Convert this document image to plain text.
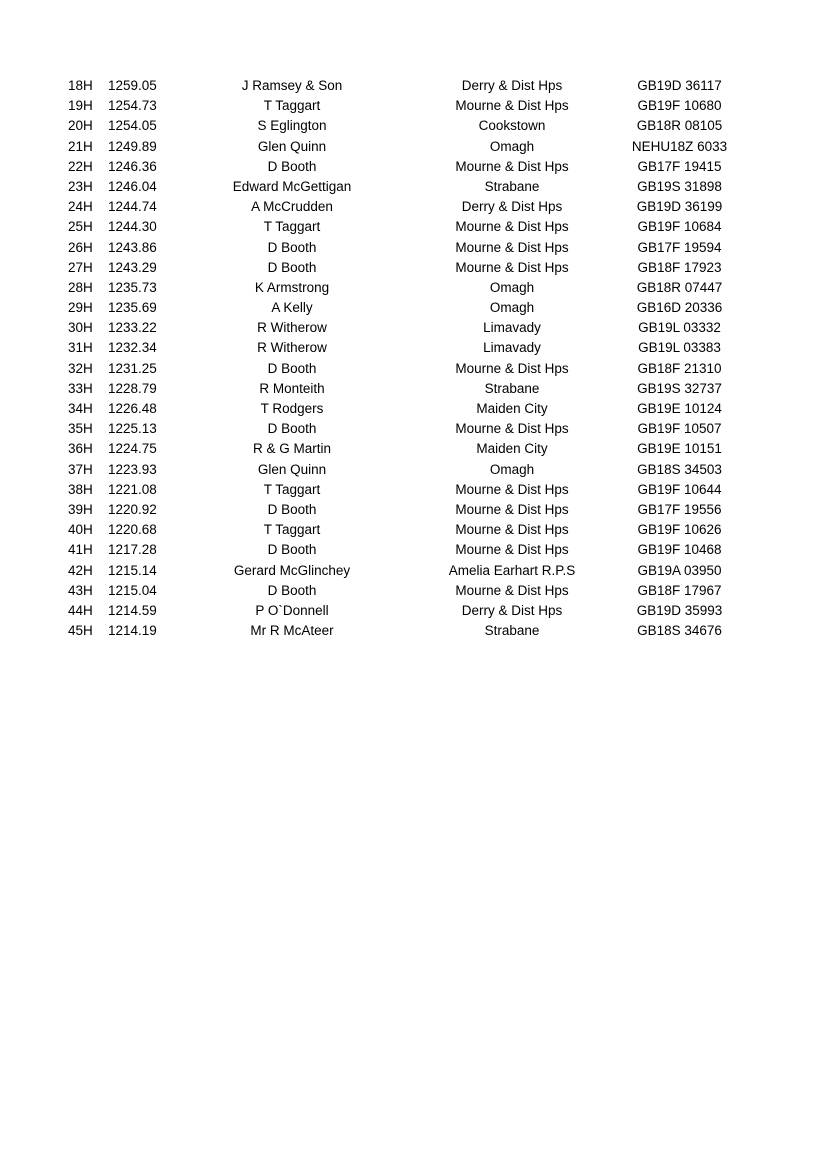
18H 1259.05	J Ramsey & Son	Derry & Dist Hps	GB19D 36117
19H 1254.73	T Taggart	Mourne & Dist Hps	GB19F 10680
20H 1254.05	S Eglington	Cookstown	GB18R 08105
21H 1249.89	Glen Quinn	Omagh	NEHU18Z 6033
22H 1246.36	D Booth	Mourne & Dist Hps	GB17F 19415
23H 1246.04	Edward McGettigan	Strabane	GB19S 31898
24H 1244.74	A McCrudden	Derry & Dist Hps	GB19D 36199
25H 1244.30	T Taggart	Mourne & Dist Hps	GB19F 10684
26H 1243.86	D Booth	Mourne & Dist Hps	GB17F 19594
27H 1243.29	D Booth	Mourne & Dist Hps	GB18F 17923
28H 1235.73	K Armstrong	Omagh	GB18R 07447
29H 1235.69	A Kelly	Omagh	GB16D 20336
30H 1233.22	R Witherow	Limavady	GB19L 03332
31H 1232.34	R Witherow	Limavady	GB19L 03383
32H 1231.25	D Booth	Mourne & Dist Hps	GB18F 21310
33H 1228.79	R Monteith	Strabane	GB19S 32737
34H 1226.48	T Rodgers	Maiden City	GB19E 10124
35H 1225.13	D Booth	Mourne & Dist Hps	GB19F 10507
36H 1224.75	R & G Martin	Maiden City	GB19E 10151
37H 1223.93	Glen Quinn	Omagh	GB18S 34503
38H 1221.08	T Taggart	Mourne & Dist Hps	GB19F 10644
39H 1220.92	D Booth	Mourne & Dist Hps	GB17F 19556
40H 1220.68	T Taggart	Mourne & Dist Hps	GB19F 10626
41H 1217.28	D Booth	Mourne & Dist Hps	GB19F 10468
42H 1215.14	Gerard McGlinchey	Amelia Earhart R.P.S	GB19A 03950
43H 1215.04	D Booth	Mourne & Dist Hps	GB18F 17967
44H 1214.59	P O`Donnell	Derry & Dist Hps	GB19D 35993
45H 1214.19	Mr R McAteer	Strabane	GB18S 34676
